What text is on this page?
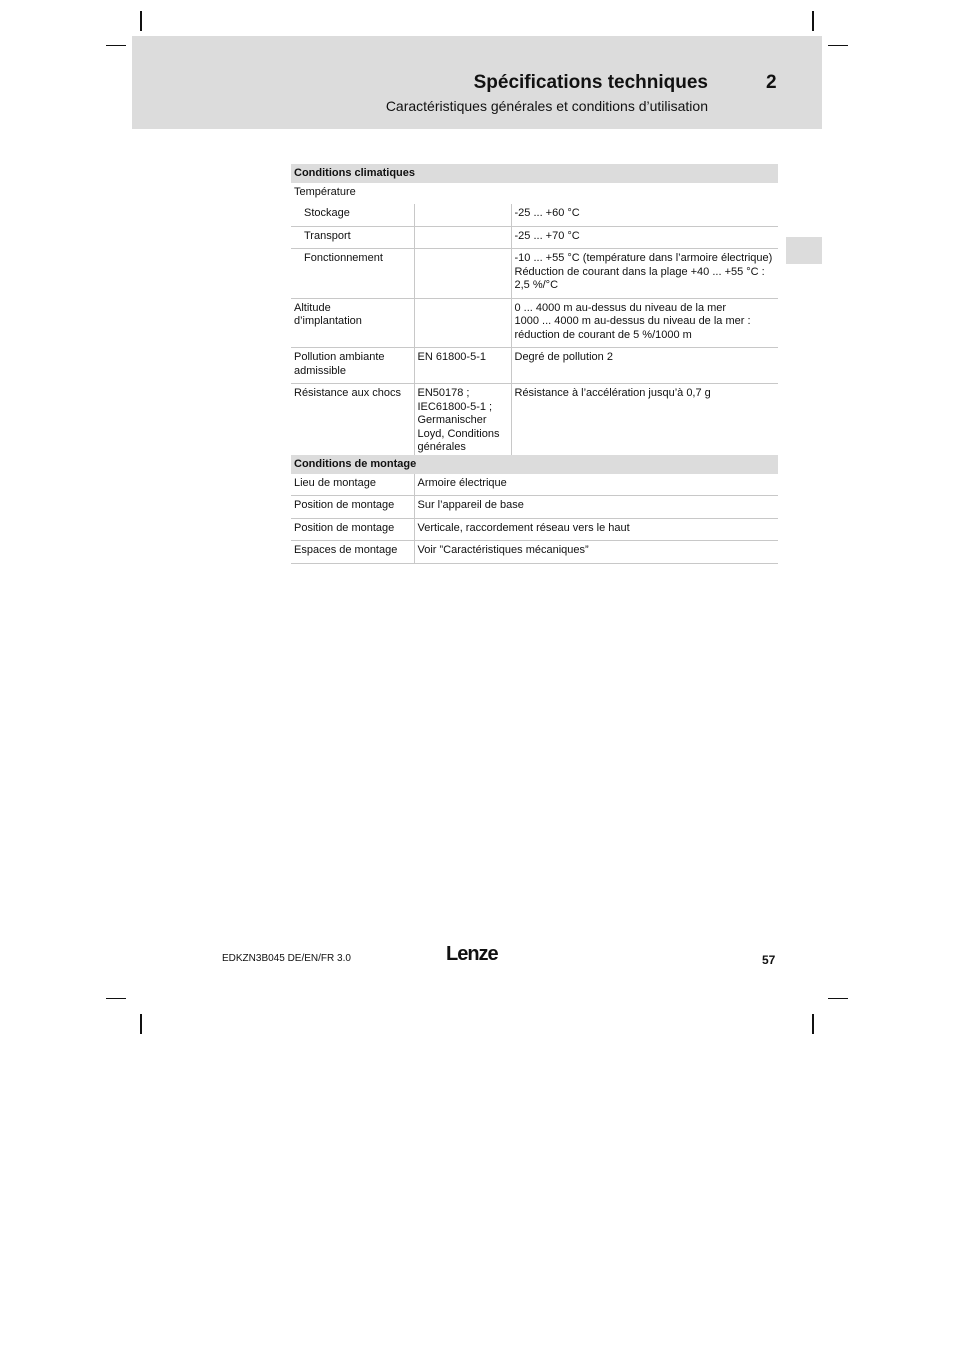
Spécifications techniques	2
Caractéristiques générales et conditions d’utilisation
Conditions climatiques		
Température		
Stockage		-25 ... +60 °C

Transport		-25 ... +70 °C

Fonctionnement		-10 ... +55 °C (température dans l’armoire électrique)
Réduction de courant dans la plage +40 ... +55 °C :
2,5 %/°C

Altitude
d’implantation		0 ... 4000 m au-dessus du niveau de la mer
1000 ... 4000 m au-dessus du niveau de la mer :
réduction de courant de 5 %/1000 m

Pollution ambiante
admissible	EN 61800-5-1	Degré de pollution 2
Résistance aux chocs	EN50178 ;
IEC61800-5-1 ;
Germanischer
Loyd, Conditions
générales	Résistance à l’accélération jusqu’à 0,7 g
Conditions de montage	
Lieu de montage	Armoire électrique
Position de montage	Sur l’appareil de base
Position de montage	Verticale, raccordement réseau vers le haut
Espaces de montage	Voir ”Caractéristiques mécaniques”
EDKZN3B045 DE/EN/FR 3.0	Lenze	57
